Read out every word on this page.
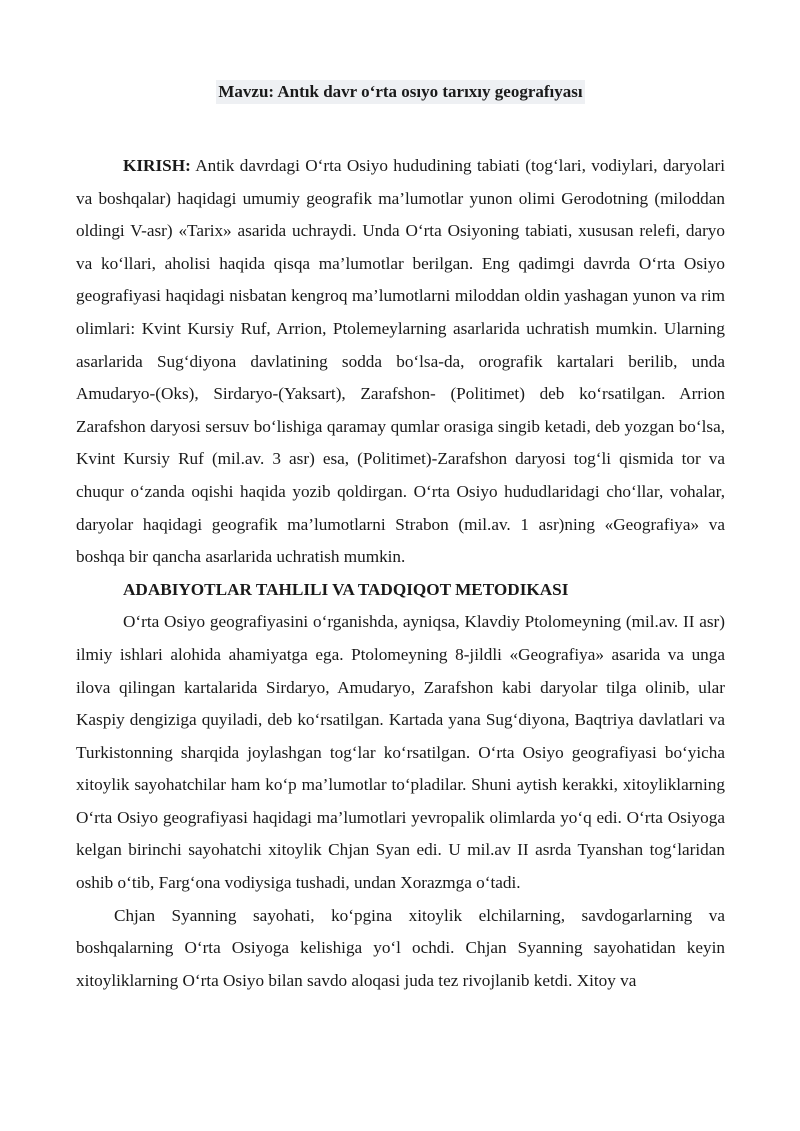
Mavzu: Antık davr o‘rta osıyo tarıxıy geografıyası

KIRISH: Antik davrdagi O‘rta Osiyo hududining tabiati (tog‘lari, vodiylari, daryolari va boshqalar) haqidagi umumiy geografik ma’lumotlar yunon olimi Gerodotning (miloddan oldingi V-asr) «Tarix» asarida uchraydi. Unda O‘rta Osiyoning tabiati, xususan relefi, daryo va ko‘llari, aholisi haqida qisqa ma’lumotlar berilgan. Eng qadimgi davrda O‘rta Osiyo geografiyasi haqidagi nisbatan kengroq ma’lumotlarni miloddan oldin yashagan yunon va rim olimlari: Kvint Kursiy Ruf, Arrion, Ptolemeylarning asarlarida uchratish mumkin. Ularning asarlarida Sug‘diyona davlatining sodda bo‘lsa-da, orografik kartalari berilib, unda Amudaryo-(Oks), Sirdaryo-(Yaksart), Zarafshon- (Politimet) deb ko‘rsatilgan. Arrion Zarafshon daryosi sersuv bo‘lishiga qaramay qumlar orasiga singib ketadi, deb yozgan bo‘lsa, Kvint Kursiy Ruf (mil.av. 3 asr) esa, (Politimet)-Zarafshon daryosi tog‘li qismida tor va chuqur o‘zanda oqishi haqida yozib qoldirgan. O‘rta Osiyo hududlaridagi cho‘llar, vohalar, daryolar haqidagi geografik ma’lumotlarni Strabon (mil.av. 1 asr)ning «Geografiya» va boshqa bir qancha asarlarida uchratish mumkin.

ADABIYOTLAR TAHLILI VA TADQIQOT METODIKASI

O‘rta Osiyo geografiyasini o‘rganishda, ayniqsa, Klavdiy Ptolomeyning (mil.av. II asr) ilmiy ishlari alohida ahamiyatga ega. Ptolomeyning 8-jildli «Geografiya» asarida va unga ilova qilingan kartalarida Sirdaryo, Amudaryo, Zarafshon kabi daryolar tilga olinib, ular Kaspiy dengiziga quyiladi, deb ko‘rsatilgan. Kartada yana Sug‘diyona, Baqtriya davlatlari va Turkistonning sharqida joylashgan tog‘lar ko‘rsatilgan. O‘rta Osiyo geografiyasi bo‘yicha xitoylik sayohatchilar ham ko‘p ma’lumotlar to‘pladilar. Shuni aytish kerakki, xitoyliklarning O‘rta Osiyo geografiyasi haqidagi ma’lumotlari yevropalik olimlarda yo‘q edi. O‘rta Osiyoga kelgan birinchi sayohatchi xitoylik Chjan Syan edi. U mil.av II asrda Tyanshan tog‘laridan oshib o‘tib, Farg‘ona vodiysiga tushadi, undan Xorazmga o‘tadi.

Chjan Syanning sayohati, ko‘pgina xitoylik elchilarning, savdogarlarning va boshqalarning O‘rta Osiyoga kelishiga yo‘l ochdi. Chjan Syanning sayohatidan keyin xitoyliklarning O‘rta Osiyo bilan savdo aloqasi juda tez rivojlanib ketdi. Xitoy va
